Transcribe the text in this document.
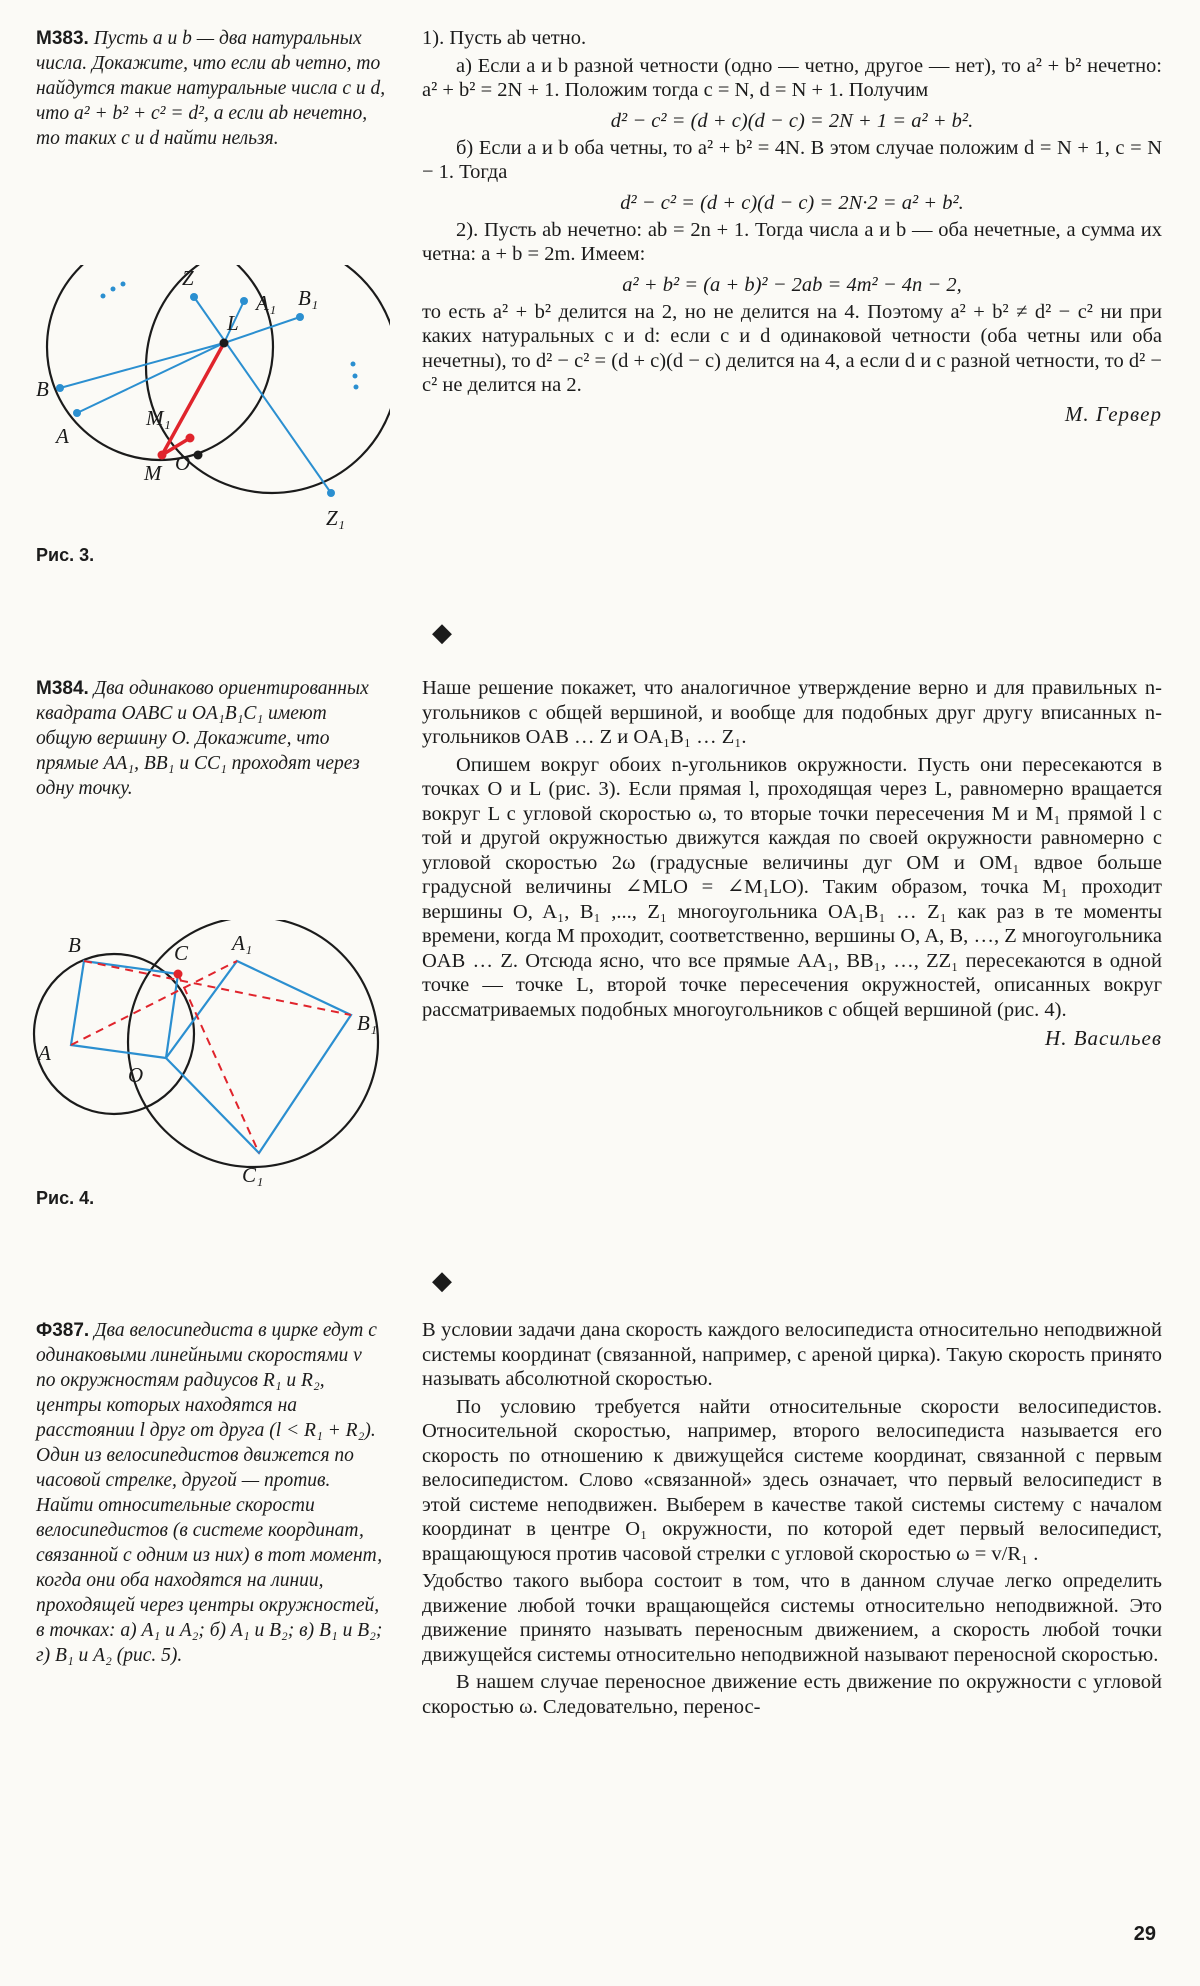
М383. Пусть a и b — два натуральных числа. Докажите, что если ab четно, то найдутся такие натуральные числа c и d, что a² + b² + c² = d², а если ab нечетно, то таких c и d найти нельзя.

1). Пусть ab четно.

а) Если a и b разной четности (одно — четно, другое — нет), то a² + b² нечетно: a² + b² = 2N + 1. Положим тогда c = N, d = N + 1. Получим

d² − c² = (d + c)(d − c) = 2N + 1 = a² + b².

б) Если a и b оба четны, то a² + b² = 4N. В этом случае положим d = N + 1, c = N − 1. Тогда

d² − c² = (d + c)(d − c) = 2N·2 = a² + b².

2). Пусть ab нечетно: ab = 2n + 1. Тогда числа a и b — оба нечетные, а сумма их четна: a + b = 2m. Имеем:

a² + b² = (a + b)² − 2ab = 4m² − 4n − 2,

то есть a² + b² делится на 2, но не делится на 4. Поэтому a² + b² ≠ d² − c² ни при каких натуральных c и d: если c и d одинаковой четности (оба четны или оба нечетны), то d² − c² = (d + c)(d − c) делится на 4, а если d и c разной четности, то d² − c² не делится на 2.

М. Гервер
Z
L
A₁ B₁
B
M₁
A
M O
Z₁
Рис. 3.
◆

М384. Два одинаково ориентированных квадрата OABC и OA₁B₁C₁ имеют общую вершину O. Докажите, что прямые AA₁, BB₁ и CC₁ проходят через одну точку.

Наше решение покажет, что аналогичное утверждение верно и для правильных n-угольников с общей вершиной, и вообще для подобных друг другу вписанных n-угольников OAB … Z и OA₁B₁ … Z₁.

Опишем вокруг обоих n-угольников окружности. Пусть они пересекаются в точках O и L (рис. 3). Если прямая l, проходящая через L, равномерно вращается вокруг L с угловой скоростью ω, то вторые точки пересечения M и M₁ прямой l с той и другой окружностью движутся каждая по своей окружности равномерно с угловой скоростью 2ω (градусные величины дуг OM и OM₁ вдвое больше градусной величины ∠MLO = ∠M₁LO). Таким образом, точка M₁ проходит вершины O, A₁, B₁ ,..., Z₁ многоугольника OA₁B₁ … Z₁ как раз в те моменты времени, когда M проходит, соответственно, вершины O, A, B, …, Z многоугольника OAB … Z. Отсюда ясно, что все прямые AA₁, BB₁, …, ZZ₁ пересекаются в одной точке — точке L, второй точке пересечения окружностей, описанных вокруг рассматриваемых подобных многоугольников с общей вершиной (рис. 4).

Н. Васильев
B	C A₁
A
O
B₁
C₁
Рис. 4.
◆

Ф387. Два велосипедиста в цирке едут с одинаковыми линейными скоростями v по окружностям радиусов R₁ и R₂, центры которых находятся на расстоянии l друг от друга (l < R₁ + R₂). Один из велосипедистов движется по часовой стрелке, другой — против. Найти относительные скорости велосипедистов (в системе координат, связанной с одним из них) в тот момент, когда они оба находятся на линии, проходящей через центры окружностей, в точках: а) A₁ и A₂; б) A₁ и B₂; в) B₁ и B₂; г) B₁ и A₂ (рис. 5).

В условии задачи дана скорость каждого велосипедиста относительно неподвижной системы координат (связанной, например, с ареной цирка). Такую скорость принято называть абсолютной скоростью.

По условию требуется найти относительные скорости велосипедистов. Относительной скоростью, например, второго велосипедиста называется его скорость по отношению к движущейся системе координат, связанной с первым велосипедистом. Слово «связанной» здесь означает, что первый велосипедист в этой системе неподвижен. Выберем в качестве такой системы систему с началом координат в центре O₁ окружности, по которой едет первый велосипедист, вращающуюся против часовой стрелки с угловой скоростью ω = v/R₁ .

Удобство такого выбора состоит в том, что в данном случае легко определить движение любой точки вращающейся системы относительно неподвижной. Это движение принято называть переносным движением, а скорость любой точки движущейся системы относительно неподвижной называют переносной скоростью.

В нашем случае переносное движение есть движение по окружности с угловой скоростью ω. Следовательно, перенос-

29
